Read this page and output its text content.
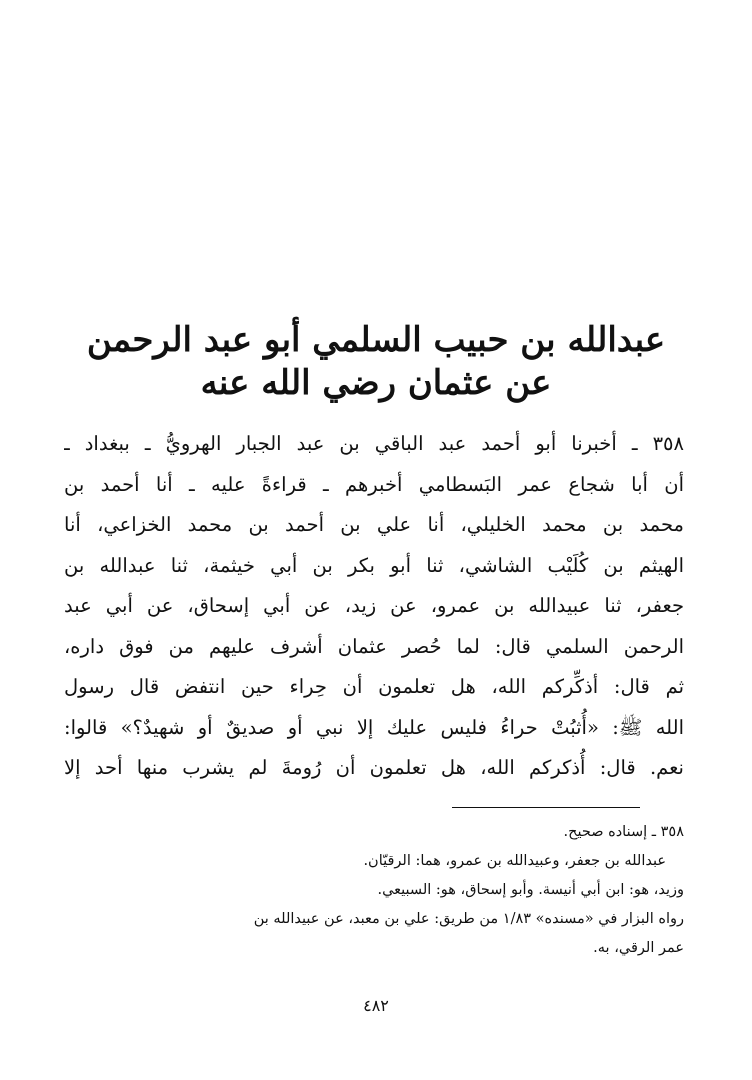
عبدالله بن حبيب السلمي أبو عبد الرحمن
عن عثمان رضي الله عنه
٣٥٨ ـ أخبرنا أبو أحمد عبد الباقي بن عبد الجبار الهرويُّ ـ ببغداد ـ
أن أبا شجاع عمر البَسطامي أخبرهم ـ قراءةً عليه ـ أنا أحمد بن
محمد بن محمد الخليلي، أنا علي بن أحمد بن محمد الخزاعي، أنا
الهيثم بن كُلَيْب الشاشي، ثنا أبو بكر بن أبي خيثمة، ثنا عبدالله بن
جعفر، ثنا عبيدالله بن عمرو، عن زيد، عن أبي إسحاق، عن أبي عبد
الرحمن السلمي قال: لما حُصر عثمان أشرف عليهم من فوق داره،
ثم قال: أذكِّركم الله، هل تعلمون أن حِراء حين انتفض قال رسول
الله ﷺ: «أُثبُتْ حراءُ فليس عليك إلا نبي أو صديقٌ أو شهيدٌ؟» قالوا:
نعم. قال: أُذكركم الله، هل تعلمون أن رُومةَ لم يشرب منها أحد إلا
٣٥٨ ـ إسناده صحيح.
عبدالله بن جعفر، وعبيدالله بن عمرو، هما: الرقيّان.
وزيد، هو: ابن أبي أنيسة. وأبو إسحاق، هو: السبيعي.
رواه البزار في «مسنده» ١/٨٣ من طريق: علي بن معبد، عن عبيدالله بن
عمر الرقي، به.
٤٨٢
